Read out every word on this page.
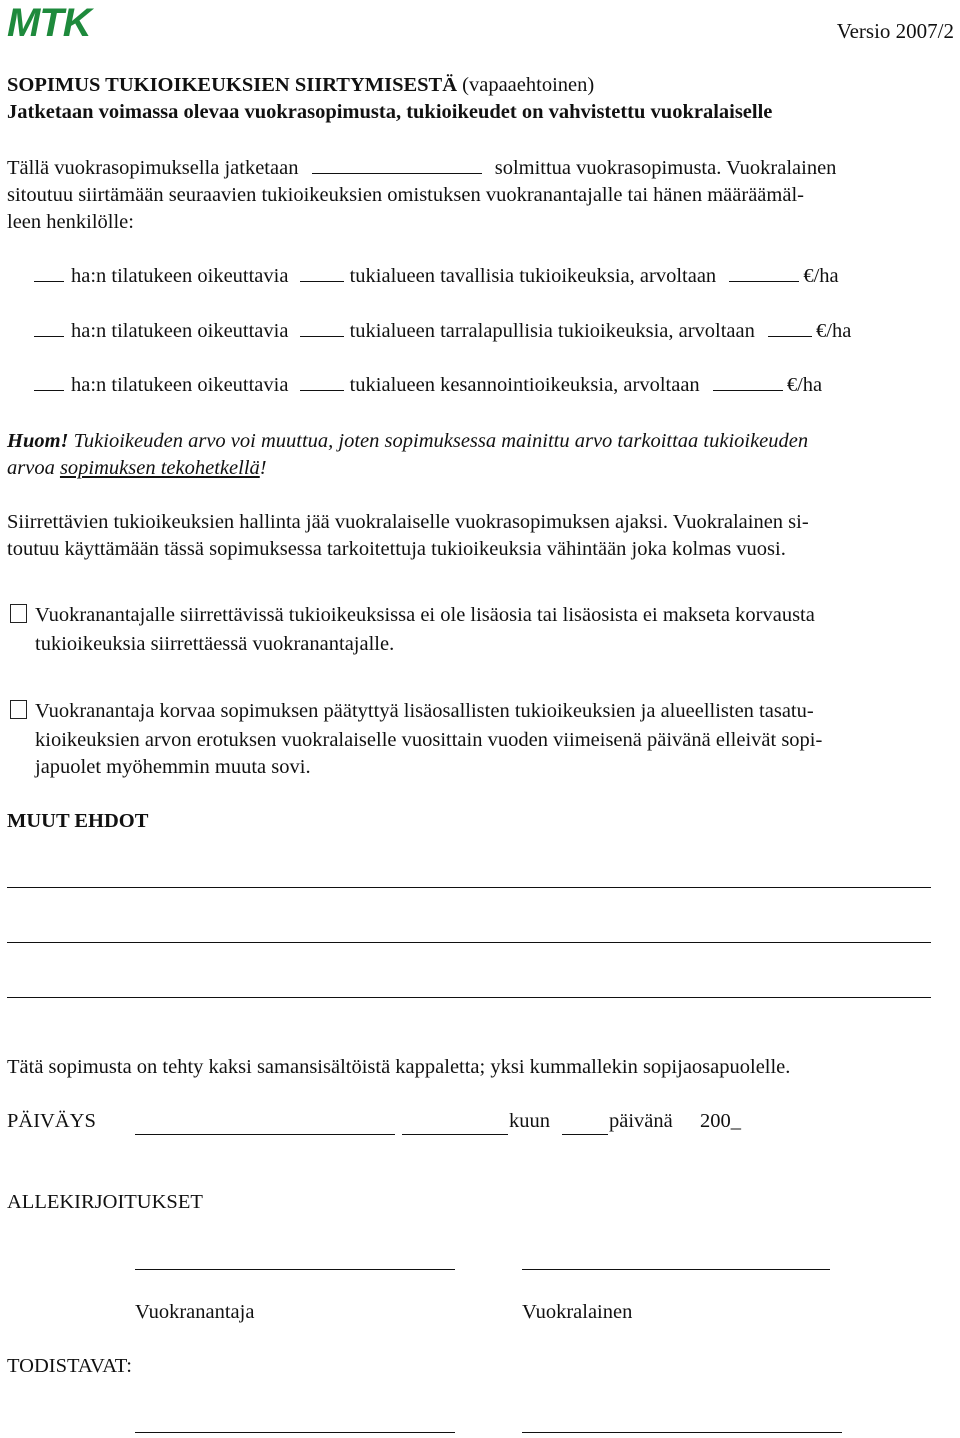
MTK	Versio 2007/2
SOPIMUS TUKIOIKEUKSIEN SIIRTYMISESTÄ (vapaaehtoinen)
Jatketaan voimassa olevaa vuokrasopimusta, tukioikeudet on vahvistettu vuokralaiselle
Tällä vuokrasopimuksella jatketaan	solmittua vuokrasopimusta. Vuokralainen
sitoutuu siirtämään seuraavien tukioikeuksien omistuksen vuokranantajalle tai hänen määräämäl-
leen henkilölle:
ha:n tilatukeen oikeuttavia	tukialueen tavallisia tukioikeuksia, arvoltaan	€/ha
ha:n tilatukeen oikeuttavia	tukialueen tarralapullisia tukioikeuksia, arvoltaan	€/ha
ha:n tilatukeen oikeuttavia	tukialueen kesannointioikeuksia, arvoltaan	€/ha
Huom! Tukioikeuden arvo voi muuttua, joten sopimuksessa mainittu arvo tarkoittaa tukioikeuden
arvoa sopimuksen tekohetkellä!
Siirrettävien tukioikeuksien hallinta jää vuokralaiselle vuokrasopimuksen ajaksi. Vuokralainen si-
toutuu käyttämään tässä sopimuksessa tarkoitettuja tukioikeuksia vähintään joka kolmas vuosi.
Vuokranantajalle siirrettävissä tukioikeuksissa ei ole lisäosia tai lisäosista ei makseta korvausta
tukioikeuksia siirrettäessä vuokranantajalle.
Vuokranantaja korvaa sopimuksen päätyttyä lisäosallisten tukioikeuksien ja alueellisten tasatu-
kioikeuksien arvon erotuksen vuokralaiselle vuosittain vuoden viimeisenä päivänä elleivät sopi-
japuolet myöhemmin muuta sovi.
MUUT EHDOT
Tätä sopimusta on tehty kaksi samansisältöistä kappaletta; yksi kummallekin sopijaosapuolelle.
PÄIVÄYS	kuun	päivänä 200_
ALLEKIRJOITUKSET
Vuokranantaja	Vuokralainen
TODISTAVAT:
